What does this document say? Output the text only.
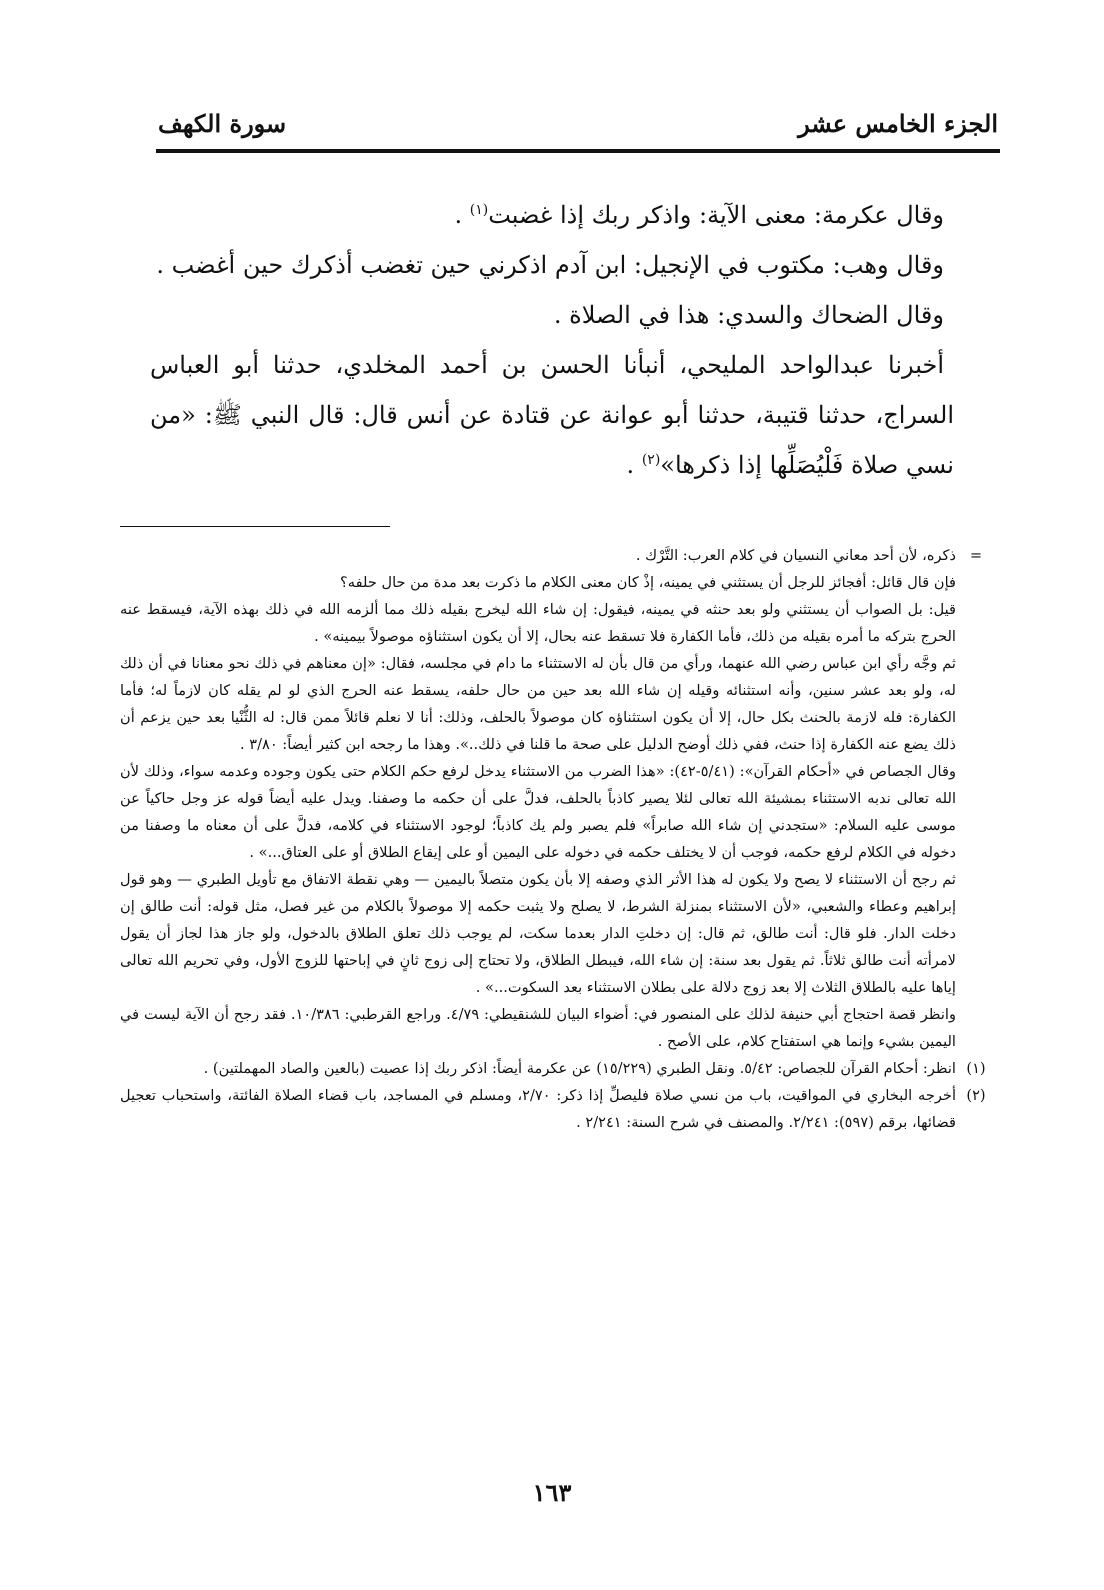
الجزء الخامس عشر
سورة الكهف

وقال عكرمة: معنى الآية: واذكر ربك إذا غضبت$^{(١)}$ .

وقال وهب: مكتوب في الإنجيل: ابن آدم اذكرني حين تغضب أذكرك حين أغضب .

وقال الضحاك والسدي: هذا في الصلاة .

أخبرنا عبدالواحد المليحي، أنبأنا الحسن بن أحمد المخلدي، حدثنا أبو العباس السراج، حدثنا قتيبة، حدثنا أبو عوانة عن قتادة عن أنس قال: قال النبي ﷺ: «من نسي صلاة فَلْيُصَلِّها إذا ذكرها»$^{(٢)}$ .

=
ذكره، لأن أحد معاني النسيان في كلام العرب: التَّرْك .

فإن قال قائل: أفجائز للرجل أن يستثني في يمينه، إذْ كان معنى الكلام ما ذكرت بعد مدة من حال حلفه؟

قيل: بل الصواب أن يستثني ولو بعد حنثه في يمينه، فيقول: إن شاء الله ليخرج بقيله ذلك مما ألزمه الله في ذلك بهذه الآية، فيسقط عنه الحرج بتركه ما أمره بقيله من ذلك، فأما الكفارة فلا تسقط عنه بحال، إلا أن يكون استثناؤه موصولاً بيمينه» .

ثم وجَّه رأي ابن عباس رضي الله عنهما، ورأي من قال بأن له الاستثناء ما دام في مجلسه، فقال: «إن معناهم في ذلك نحو معنانا في أن ذلك له، ولو بعد عشر سنين، وأنه استثنائه وقيله إن شاء الله بعد حين من حال حلفه، يسقط عنه الحرج الذي لو لم يقله كان لازماً له؛ فأما الكفارة: فله لازمة بالحنث بكل حال، إلا أن يكون استثناؤه كان موصولاً بالحلف، وذلك: أنا لا نعلم قائلاً ممن قال: له الثُّنْيا بعد حين يزعم أن ذلك يضع عنه الكفارة إذا حنث، ففي ذلك أوضح الدليل على صحة ما قلنا في ذلك..». وهذا ما رجحه ابن كثير أيضاً: ٣/٨٠ .

وقال الجصاص في «أحكام القرآن»: (٥/٤١-٤٢): «هذا الضرب من الاستثناء يدخل لرفع حكم الكلام حتى يكون وجوده وعدمه سواء، وذلك لأن الله تعالى ندبه الاستثناء بمشيئة الله تعالى لئلا يصير كاذباً بالحلف، فدلَّ على أن حكمه ما وصفنا. ويدل عليه أيضاً قوله عز وجل حاكياً عن موسى عليه السلام: «ستجدني إن شاء الله صابراً» فلم يصبر ولم يك كاذباً؛ لوجود الاستثناء في كلامه، فدلَّ على أن معناه ما وصفنا من دخوله في الكلام لرفع حكمه، فوجب أن لا يختلف حكمه في دخوله على اليمين أو على إيقاع الطلاق أو على العتاق...» .

ثم رجح أن الاستثناء لا يصح ولا يكون له هذا الأثر الذي وصفه إلا بأن يكون متصلاً باليمين — وهي نقطة الاتفاق مع تأويل الطبري — وهو قول إبراهيم وعطاء والشعبي، «لأن الاستثناء بمنزلة الشرط، لا يصلح ولا يثبت حكمه إلا موصولاً بالكلام من غير فصل، مثل قوله: أنت طالق إن دخلت الدار. فلو قال: أنت طالق، ثم قال: إن دخلتِ الدار بعدما سكت، لم يوجب ذلك تعلق الطلاق بالدخول، ولو جاز هذا لجاز أن يقول لامرأته أنت طالق ثلاثاً. ثم يقول بعد سنة: إن شاء الله، فيبطل الطلاق، ولا تحتاج إلى زوج ثانٍ في إباحتها للزوج الأول، وفي تحريم الله تعالى إياها عليه بالطلاق الثلاث إلا بعد زوج دلالة على بطلان الاستثناء بعد السكوت...» .

وانظر قصة احتجاج أبي حنيفة لذلك على المنصور في: أضواء البيان للشنقيطي: ٤/٧٩. وراجع القرطبي: ١٠/٣٨٦. فقد رجح أن الآية ليست في اليمين بشيء وإنما هي استفتاح كلام، على الأصح .

(١)
انظر: أحكام القرآن للجصاص: ٥/٤٢. ونقل الطبري (١٥/٢٢٩) عن عكرمة أيضاً: اذكر ربك إذا عصيت (بالعين والصاد المهملتين) .
(٢)
أخرجه البخاري في المواقيت، باب من نسي صلاة فليصلِّ إذا ذكر: ٢/٧٠، ومسلم في المساجد، باب قضاء الصلاة الفائتة، واستحباب تعجيل قضائها، برقم (٥٩٧): ٢/٢٤١. والمصنف في شرح السنة: ٢/٢٤١ .
١٦٣
